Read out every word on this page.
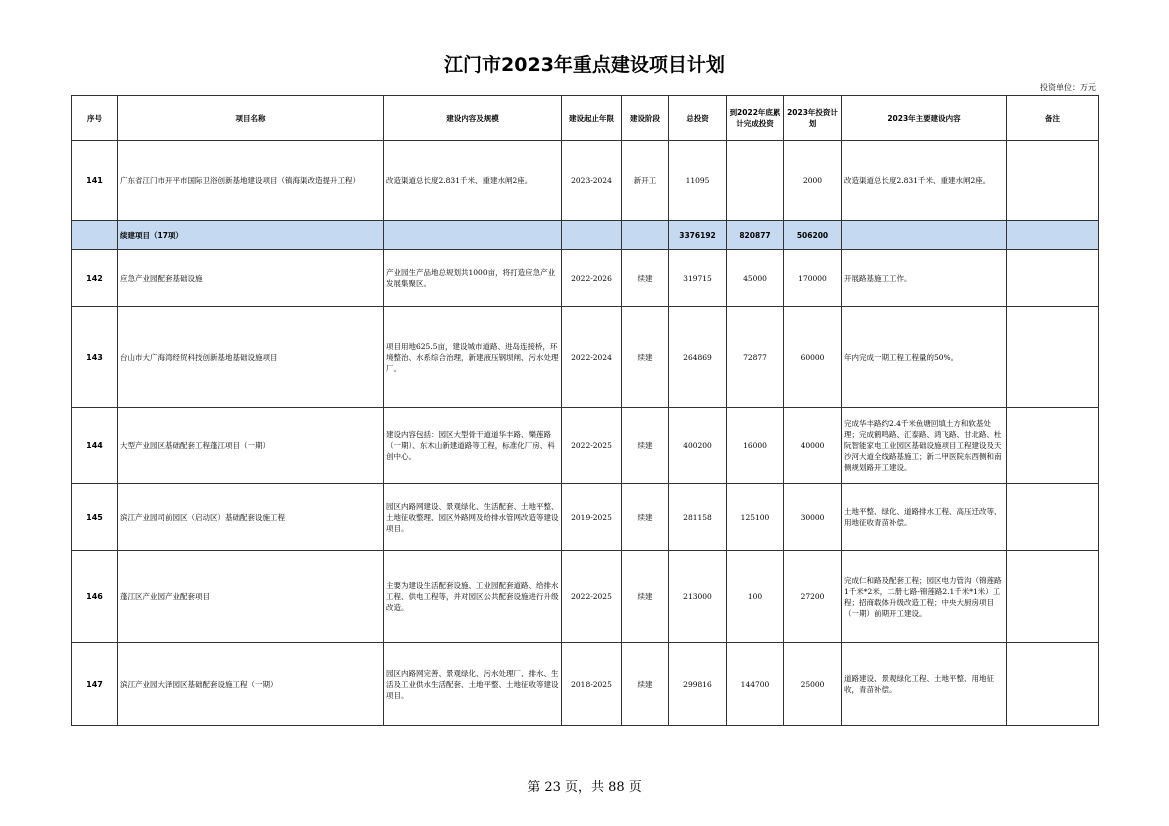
江门市2023年重点建设项目计划
投资单位：万元
序号	项目名称	建设内容及规模	建设起止年限	建设阶段	总投资	到2022年底累计完成投资	2023年投资计划	2023年主要建设内容	备注
141	广东省江门市开平市国际卫浴创新基地建设项目（镇海渠改造提升工程）	改造渠道总长度2.831千米、重建水闸2座。	2023-2024	新开工	11095		2000	改造渠道总长度2.831千米、重建水闸2座。	
	续建项目（17项）				3376192	820877	506200		
142	应急产业园配套基础设施	产业园生产品地总规划共1000亩，将打造应急产业发展集聚区。	2022-2026	续建	319715	45000	170000	开展路基施工工作。	
143	台山市大广海湾经贸科技创新基地基础设施项目	项目用地625.5亩，建设城市道路、进岛连接桥，环境整治、水系综合治理，新建液压钢坝闸、污水处理厂。	2022-2024	续建	264869	72877	60000	年内完成一期工程工程量的50%。	
144	大型产业园区基础配套工程蓬江项目（一期）	建设内容包括：园区大型骨干道道华丰路、樂莲路（一期）、东木山新建道路等工程，标准化厂房、科创中心。	2022-2025	续建	400200	16000	40000	完成华丰路约2.4千米鱼塘回填土方和软基处理；完成鹤鸣路、汇泰路、鸿飞路、甘北路、杜阮智能家电工业园区基础设施项目工程建设及天沙河大道全线路基施工；新二甲医院东西侧和南侧规划路开工建设。	
145	滨江产业园司前园区（启动区）基础配套设施工程	园区内路网建设、景观绿化、生活配套、土地平整、土地征收整理、园区外路网及给排水管网改造等建设项目。	2019-2025	续建	281158	125100	30000	土地平整、绿化、道路排水工程、高压迁改等、用地征收青苗补偿。	
146	蓬江区产业园产业配套项目	主要为建设生活配套设施、工业园配套道路、给排水工程、供电工程等，并对园区公共配套设施进行升级改造。	2022-2025	续建	213000	100	27200	完成仁和路及配套工程；园区电力管沟（锦莲路1千米*2米，二册七路-锦莲路2.1千米*1米）工程；招商载体升级改造工程；中央大厨房项目（一期）前期开工建设。	
147	滨江产业园大泽园区基础配套设施工程（一期）	园区内路网完善、景观绿化、污水处理厂、排水、生活及工业供水生活配套、土地平整、土地征收等建设项目。	2018-2025	续建	299816	144700	25000	道路建设、景观绿化工程、土地平整、用地征收，青苗补偿。	
第 23 页，共 88 页
